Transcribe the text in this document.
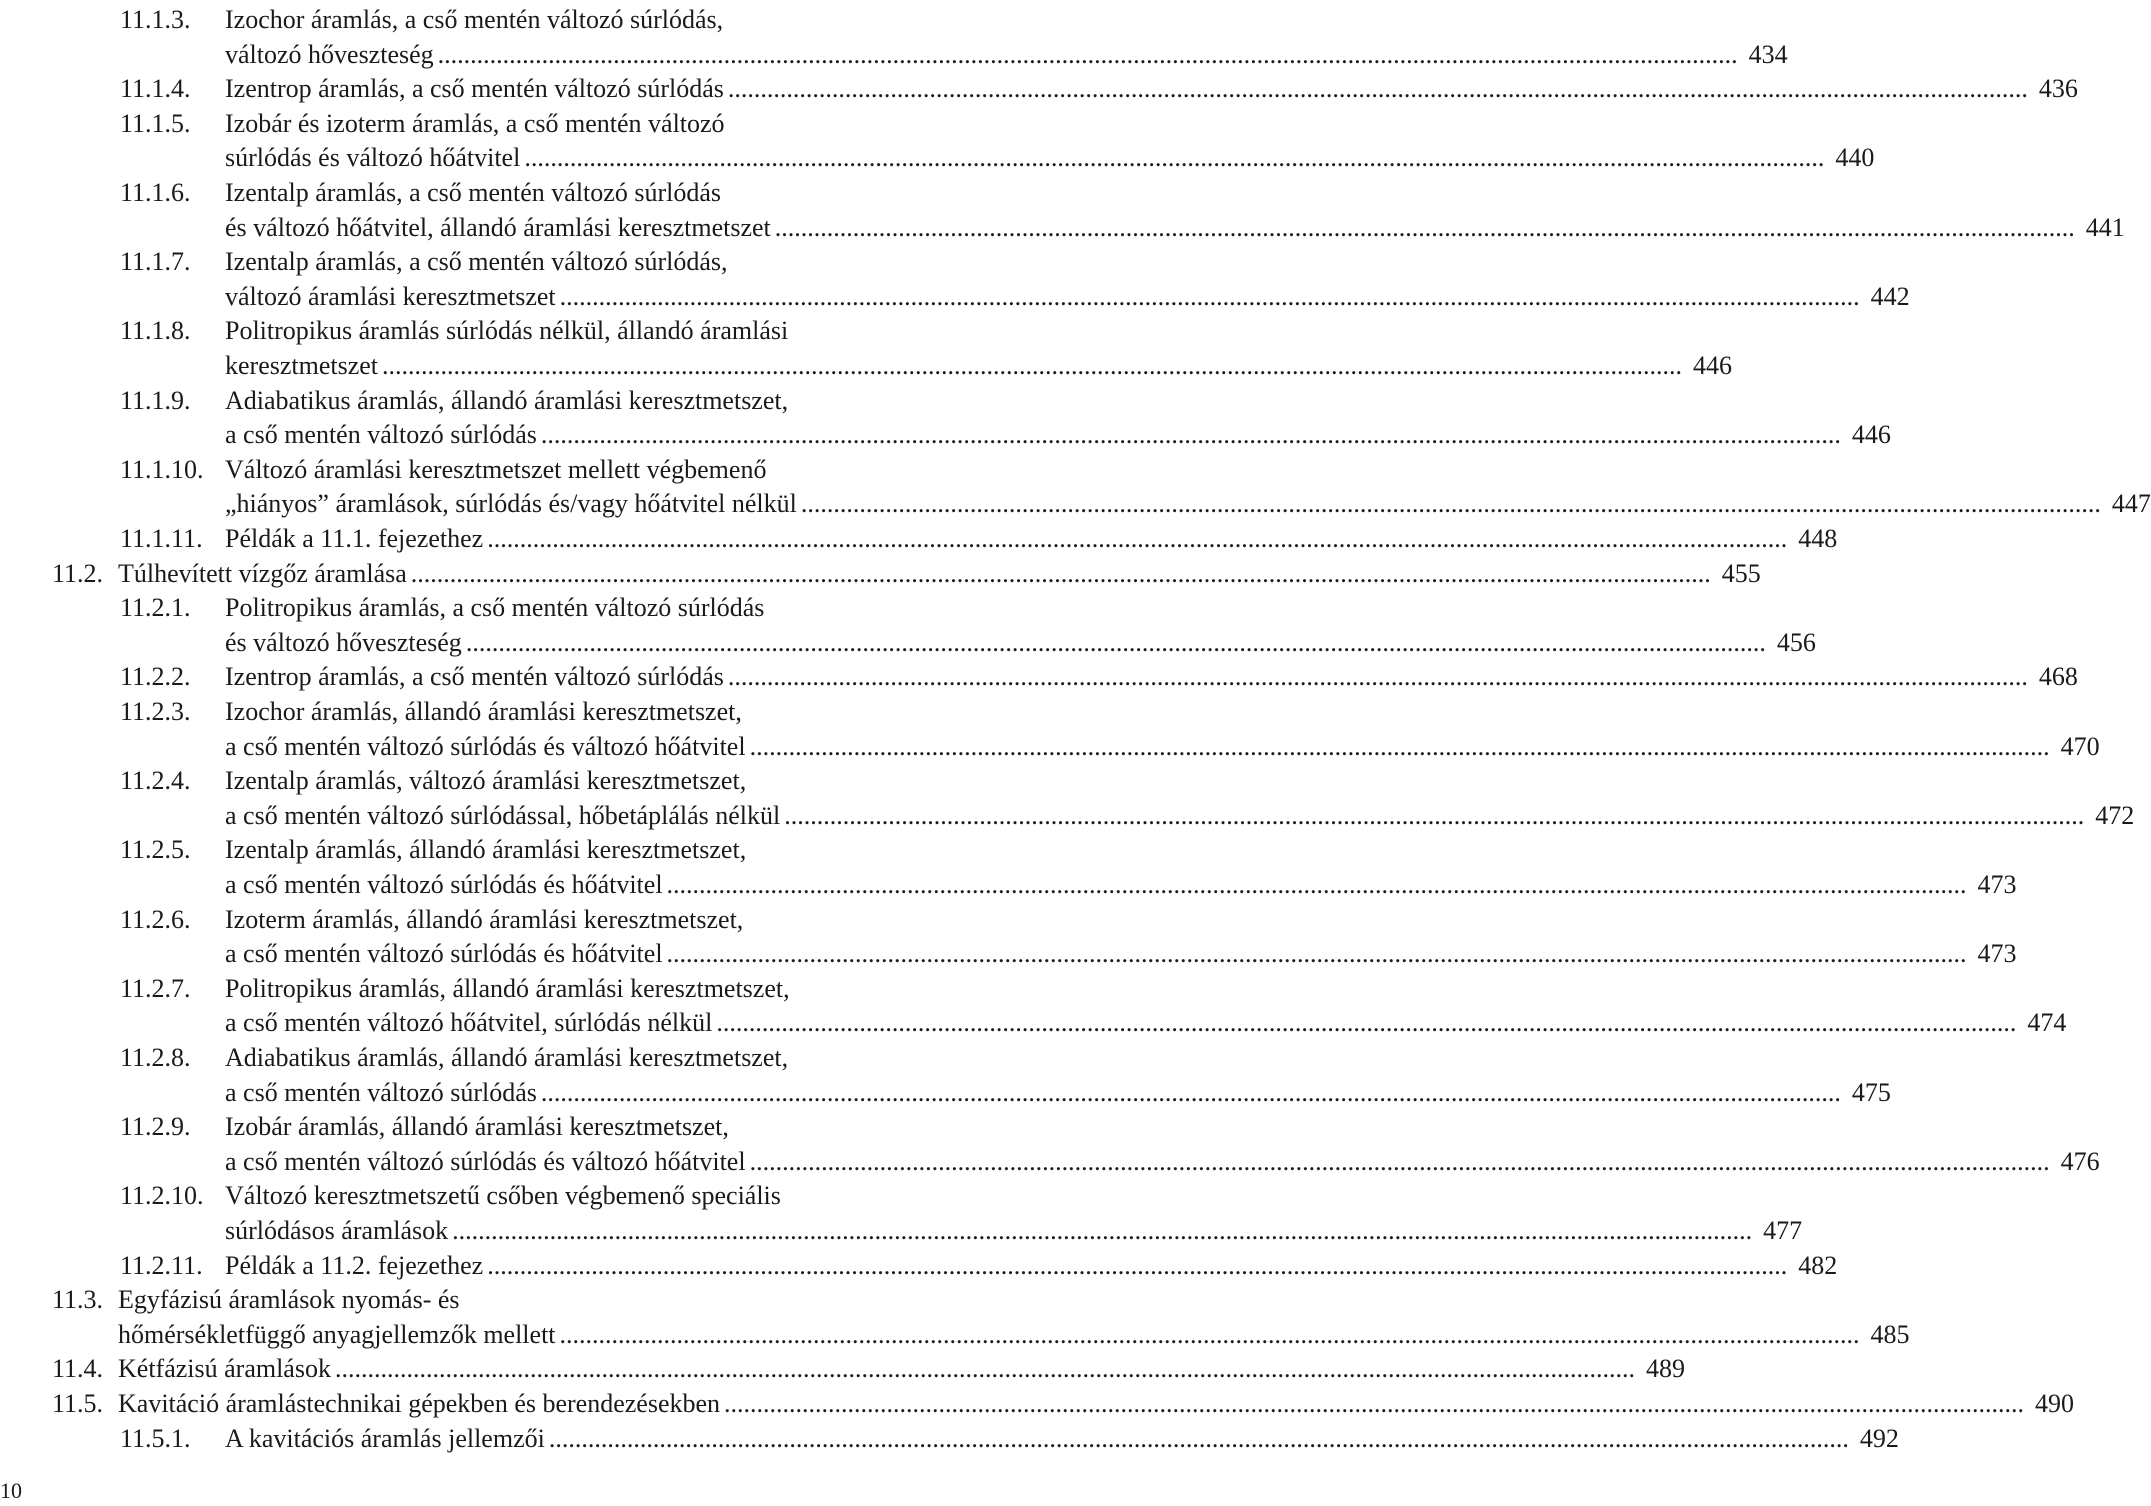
11.1.3. Izochor áramlás, a cső mentén változó súrlódás,
változó hőveszteség ........................................................................................................................................................................................................ 434
11.1.4. Izentrop áramlás, a cső mentén változó súrlódás ........................................................................................................................................................................................................ 436
11.1.5. Izobár és izoterm áramlás, a cső mentén változó
súrlódás és változó hőátvitel ........................................................................................................................................................................................................ 440
11.1.6. Izentalp áramlás, a cső mentén változó súrlódás
és változó hőátvitel, állandó áramlási keresztmetszet ........................................................................................................................................................................................................ 441
11.1.7. Izentalp áramlás, a cső mentén változó súrlódás,
változó áramlási keresztmetszet ........................................................................................................................................................................................................ 442
11.1.8. Politropikus áramlás súrlódás nélkül, állandó áramlási
keresztmetszet ........................................................................................................................................................................................................ 446
11.1.9. Adiabatikus áramlás, állandó áramlási keresztmetszet,
a cső mentén változó súrlódás ........................................................................................................................................................................................................ 446
11.1.10. Változó áramlási keresztmetszet mellett végbemenő
„hiányos” áramlások, súrlódás és/vagy hőátvitel nélkül ........................................................................................................................................................................................................ 447
11.1.11. Példák a 11.1. fejezethez ........................................................................................................................................................................................................ 448
11.2. Túlhevített vízgőz áramlása ........................................................................................................................................................................................................ 455
11.2.1. Politropikus áramlás, a cső mentén változó súrlódás
és változó hőveszteség ........................................................................................................................................................................................................ 456
11.2.2. Izentrop áramlás, a cső mentén változó súrlódás ........................................................................................................................................................................................................ 468
11.2.3. Izochor áramlás, állandó áramlási keresztmetszet,
a cső mentén változó súrlódás és változó hőátvitel ........................................................................................................................................................................................................ 470
11.2.4. Izentalp áramlás, változó áramlási keresztmetszet,
a cső mentén változó súrlódással, hőbetáplálás nélkül ........................................................................................................................................................................................................ 472
11.2.5. Izentalp áramlás, állandó áramlási keresztmetszet,
a cső mentén változó súrlódás és hőátvitel ........................................................................................................................................................................................................ 473
11.2.6. Izoterm áramlás, állandó áramlási keresztmetszet,
a cső mentén változó súrlódás és hőátvitel ........................................................................................................................................................................................................ 473
11.2.7. Politropikus áramlás, állandó áramlási keresztmetszet,
a cső mentén változó hőátvitel, súrlódás nélkül ........................................................................................................................................................................................................ 474
11.2.8. Adiabatikus áramlás, állandó áramlási keresztmetszet,
a cső mentén változó súrlódás ........................................................................................................................................................................................................ 475
11.2.9. Izobár áramlás, állandó áramlási keresztmetszet,
a cső mentén változó súrlódás és változó hőátvitel ........................................................................................................................................................................................................ 476
11.2.10. Változó keresztmetszetű csőben végbemenő speciális
súrlódásos áramlások ........................................................................................................................................................................................................ 477
11.2.11. Példák a 11.2. fejezethez ........................................................................................................................................................................................................ 482
11.3. Egyfázisú áramlások nyomás- és
hőmérsékletfüggő anyagjellemzők mellett ........................................................................................................................................................................................................ 485
11.4. Kétfázisú áramlások ........................................................................................................................................................................................................ 489
11.5. Kavitáció áramlástechnikai gépekben és berendezésekben ........................................................................................................................................................................................................ 490
11.5.1. A kavitációs áramlás jellemzői ........................................................................................................................................................................................................ 492
10
